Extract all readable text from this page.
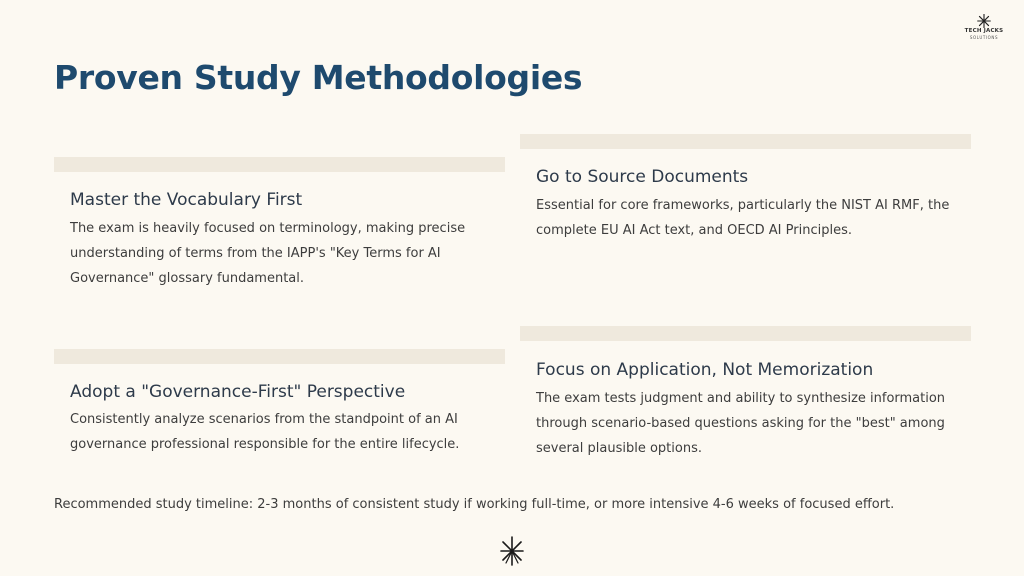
TECH JACKS
SOLUTIONS
Proven Study Methodologies
Master the Vocabulary First

The exam is heavily focused on terminology, making precise understanding of terms from the IAPP's "Key Terms for AI Governance" glossary fundamental.

Go to Source Documents

Essential for core frameworks, particularly the NIST AI RMF, the complete EU AI Act text, and OECD AI Principles.

Adopt a "Governance-First" Perspective

Consistently analyze scenarios from the standpoint of an AI governance professional responsible for the entire lifecycle.

Focus on Application, Not Memorization

The exam tests judgment and ability to synthesize information through scenario-based questions asking for the "best" among several plausible options.

Recommended study timeline: 2-3 months of consistent study if working full-time, or more intensive 4-6 weeks of focused effort.
